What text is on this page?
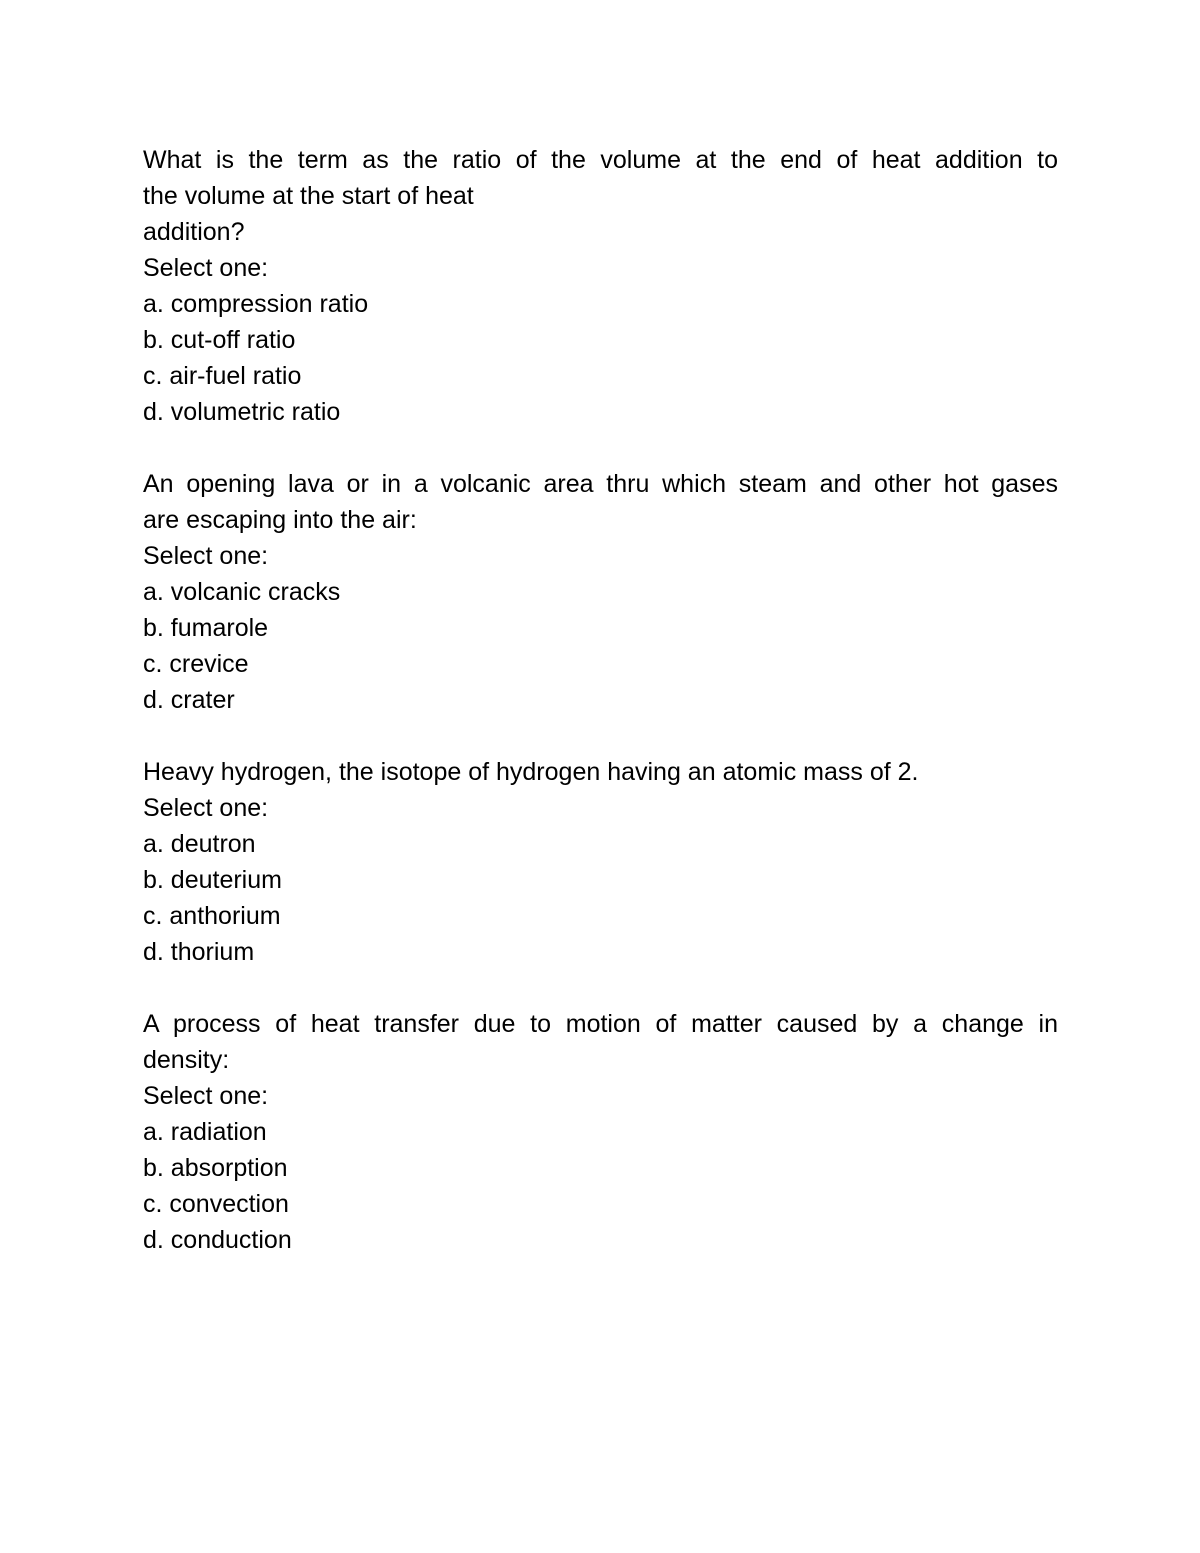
What is the term as the ratio of the volume at the end of heat addition to
the volume at the start of heat
addition?
Select one:
a. compression ratio
b. cut-off ratio
c. air-fuel ratio
d. volumetric ratio
An opening lava or in a volcanic area thru which steam and other hot gases
are escaping into the air:
Select one:
a. volcanic cracks
b. fumarole
c. crevice
d. crater
Heavy hydrogen, the isotope of hydrogen having an atomic mass of 2.
Select one:
a. deutron
b. deuterium
c. anthorium
d. thorium
A process of heat transfer due to motion of matter caused by a change in
density:
Select one:
a. radiation
b. absorption
c. convection
d. conduction
